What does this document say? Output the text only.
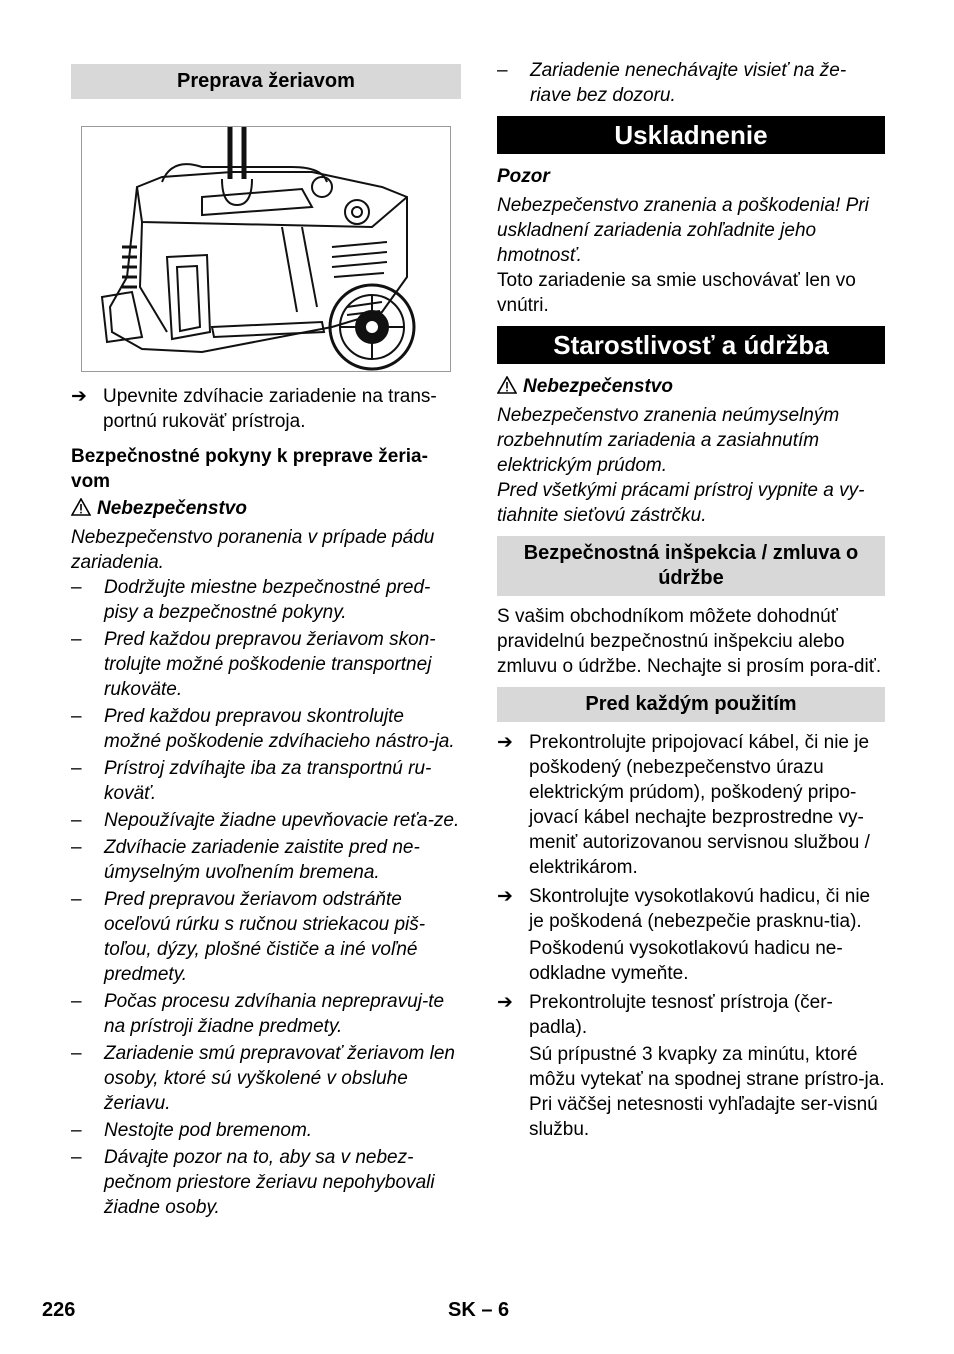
Preprava žeriavom
➔ Upevnite zdvíhacie zariadenie na trans-portnú rukoväť prístroja.

Bezpečnostné pokyny k preprave žeria-vom

Nebezpečenstvo

Nebezpečenstvo poranenia v prípade pádu zariadenia.

– Dodržujte miestne bezpečnostné pred-pisy a bezpečnostné pokyny.
– Pred každou prepravou žeriavom skon-trolujte možné poškodenie transportnej rukoväte.
– Pred každou prepravou skontrolujte možné poškodenie zdvíhacieho nástro-ja.
– Prístroj zdvíhajte iba za transportnú ru-koväť.
– Nepoužívajte žiadne upevňovacie reťa-ze.
– Zdvíhacie zariadenie zaistite pred ne-úmyselným uvoľnením bremena.
– Pred prepravou žeriavom odstráňte oceľovú rúrku s ručnou striekacou piš-toľou, dýzy, plošné čističe a iné voľné predmety.
– Počas procesu zdvíhania neprepravuj-te na prístroji žiadne predmety.
– Zariadenie smú prepravovať žeriavom len osoby, ktoré sú vyškolené v obsluhe žeriavu.
– Nestojte pod bremenom.
– Dávajte pozor na to, aby sa v nebez-pečnom priestore žeriavu nepohybovali žiadne osoby.
– Zariadenie nenechávajte visieť na že-riave bez dozoru.
Uskladnenie

Pozor

Nebezpečenstvo zranenia a poškodenia! Pri uskladnení zariadenia zohľadnite jeho hmotnosť.

Toto zariadenie sa smie uschovávať len vo vnútri.

Starostlivosť a údržba

Nebezpečenstvo

Nebezpečenstvo zranenia neúmyselným rozbehnutím zariadenia a zasiahnutím elektrickým prúdom.

Pred všetkými prácami prístroj vypnite a vy-tiahnite sieťovú zástrčku.

Bezpečnostná inšpekcia / zmluva o údržbe

S vašim obchodníkom môžete dohodnúť pravidelnú bezpečnostnú inšpekciu alebo zmluvu o údržbe. Nechajte si prosím pora-diť.

Pred každým použitím
➔ Prekontrolujte pripojovací kábel, či nie je poškodený (nebezpečenstvo úrazu elektrickým prúdom), poškodený pripo-jovací kábel nechajte bezprostredne vy-meniť autorizovanou servisnou službou / elektrikárom.

➔ Skontrolujte vysokotlakovú hadicu, či nie je poškodená (nebezpečie prasknu-tia).

Poškodenú vysokotlakovú hadicu ne-odkladne vymeňte.

➔ Prekontrolujte tesnosť prístroja (čer-padla).

Sú prípustné 3 kvapky za minútu, ktoré môžu vytekať na spodnej strane prístro-ja. Pri väčšej netesnosti vyhľadajte ser-visnú službu.

226	SK – 6
